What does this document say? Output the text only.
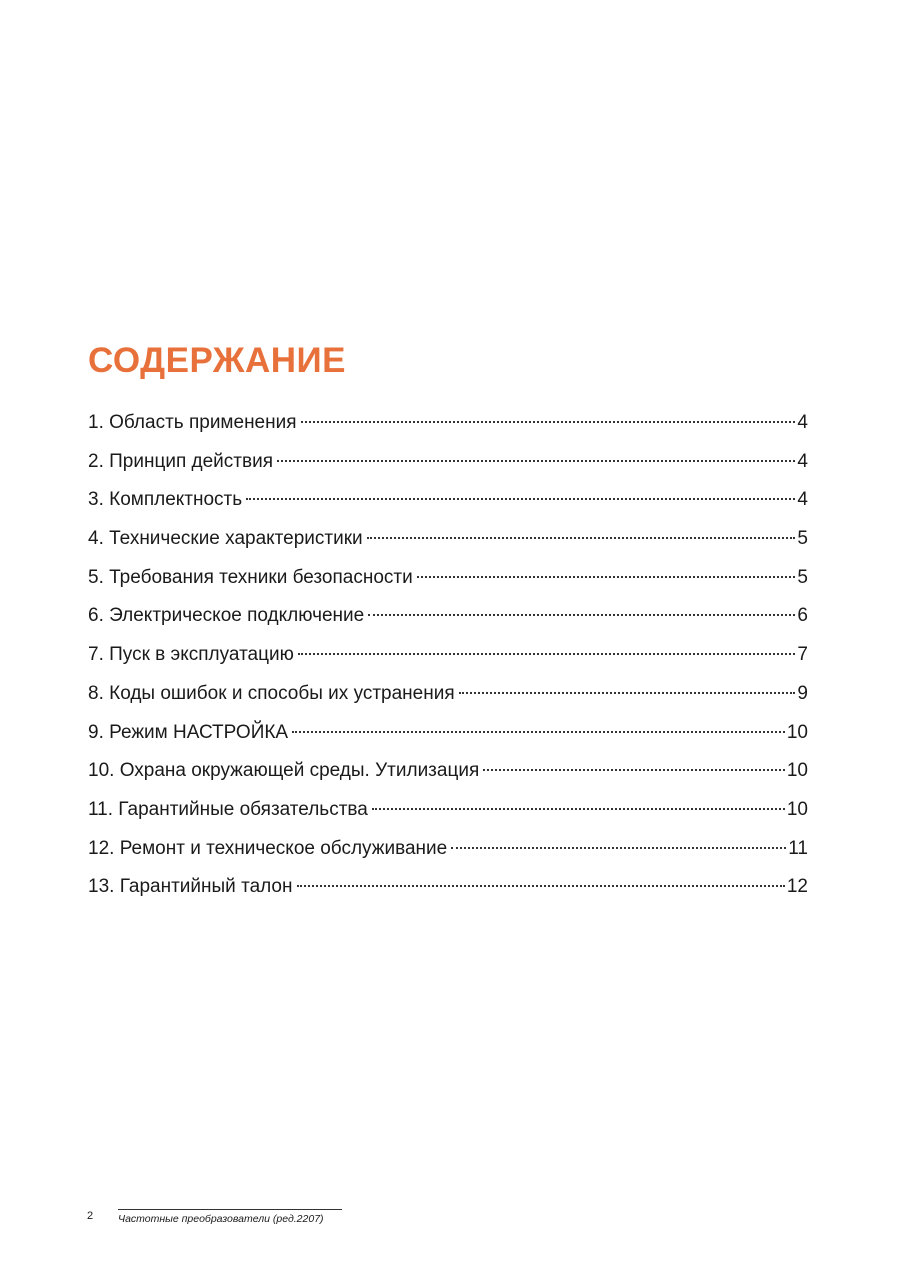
СОДЕРЖАНИЕ
1. Область применения	4
2. Принцип действия	4
3. Комплектность	4
4. Технические характеристики	5
5. Требования техники безопасности	5
6. Электрическое подключение	6
7. Пуск в эксплуатацию	7
8. Коды ошибок и способы их устранения	9
9. Режим НАСТРОЙКА	10
10. Охрана окружающей среды. Утилизация	10
11. Гарантийные обязательства	10
12. Ремонт и техническое обслуживание	11
13. Гарантийный талон	12
2 Частотные преобразователи (ред.2207)
